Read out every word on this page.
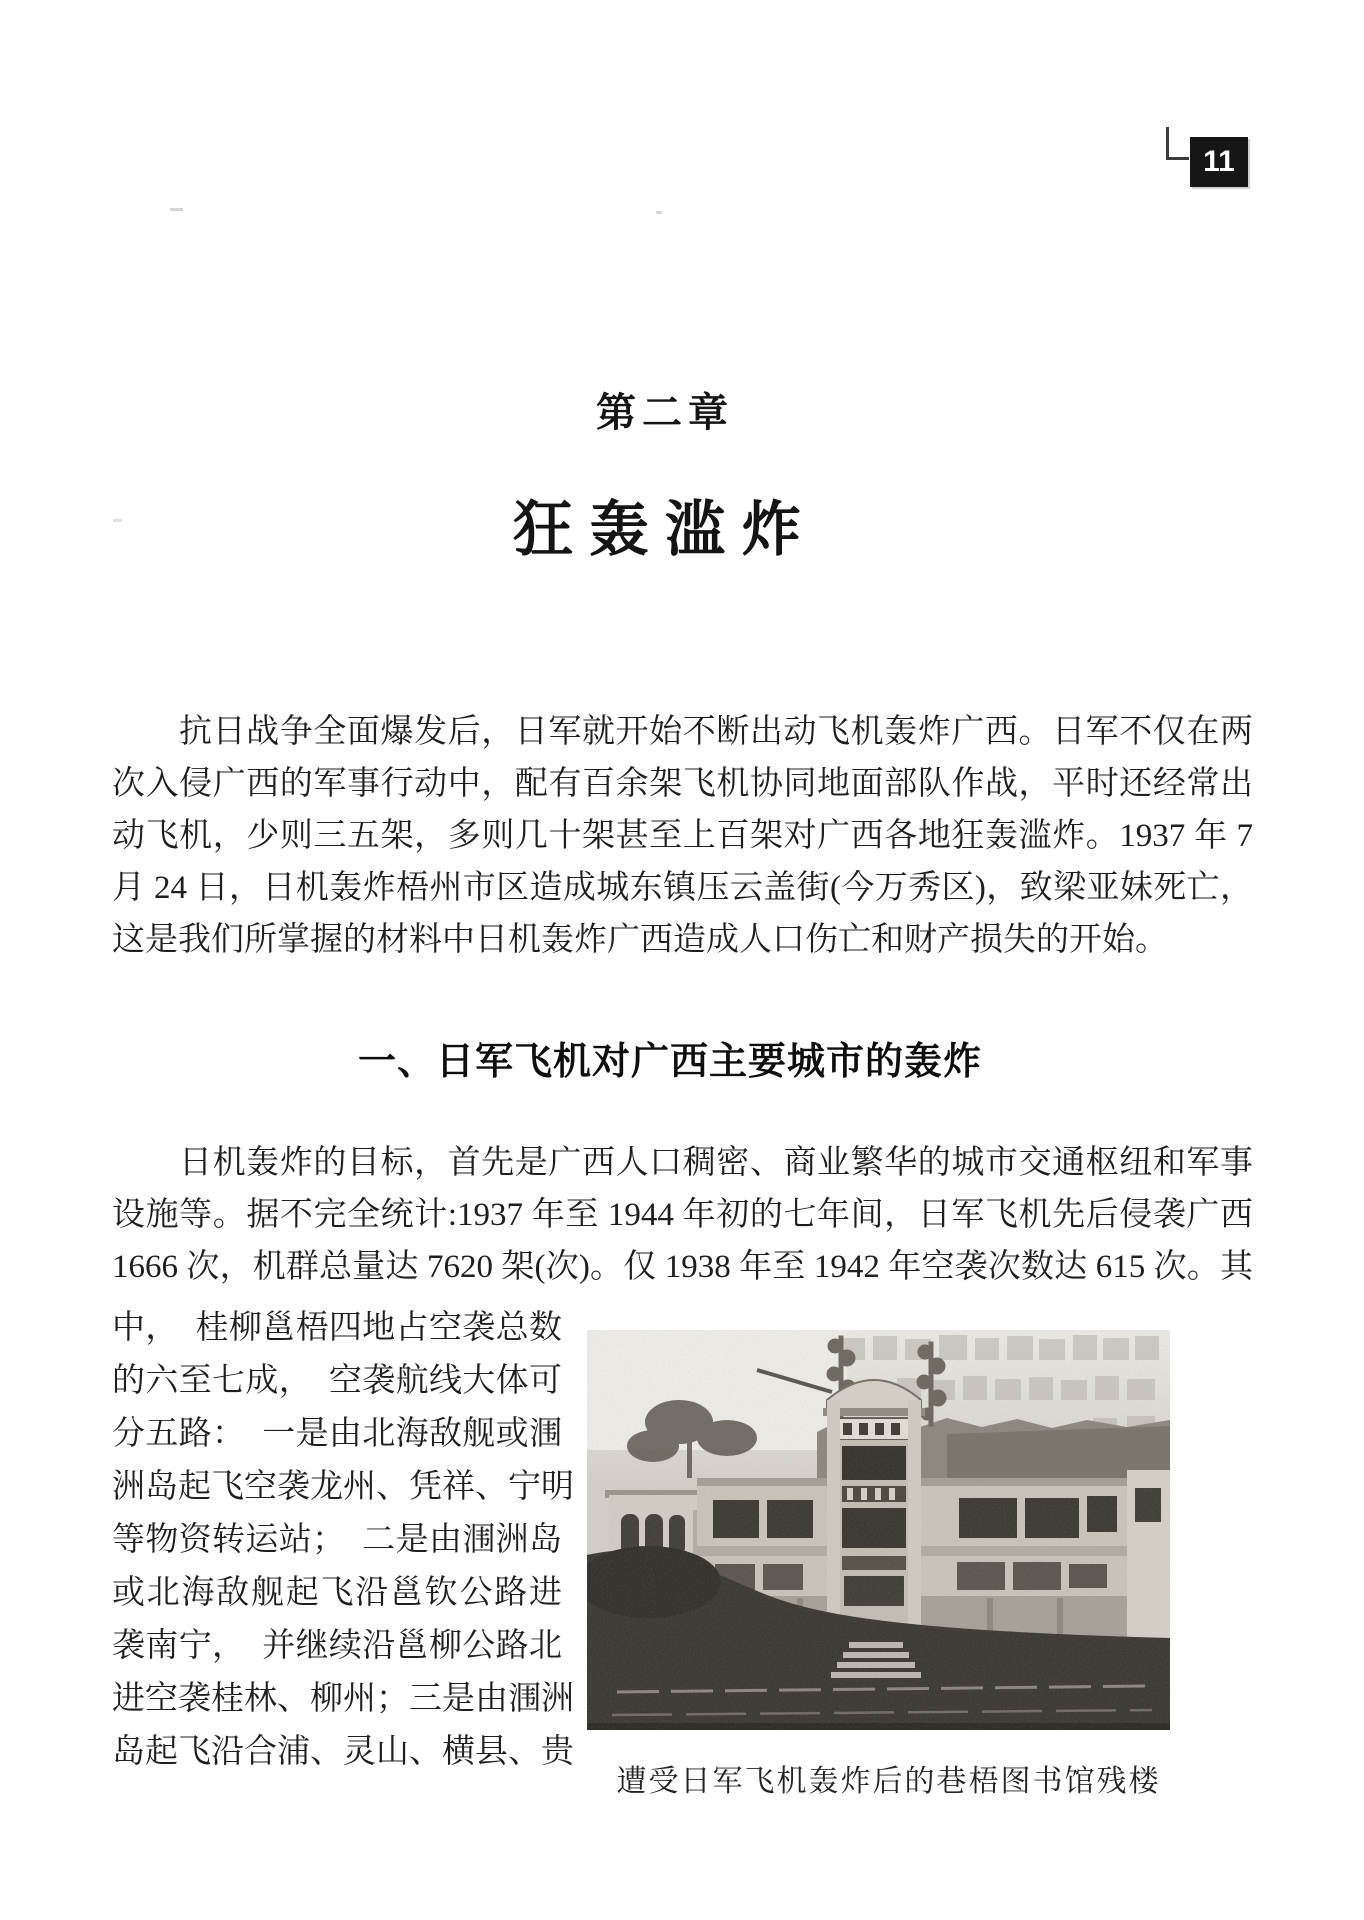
11
第二章
狂轰滥炸
抗日战争全面爆发后，日军就开始不断出动飞机轰炸广西。日军不仅在两
次入侵广西的军事行动中，配有百余架飞机协同地面部队作战，平时还经常出
动飞机，少则三五架，多则几十架甚至上百架对广西各地狂轰滥炸。1937 年 7
月 24 日，日机轰炸梧州市区造成城东镇压云盖街(今万秀区)，致梁亚妹死亡，
这是我们所掌握的材料中日机轰炸广西造成人口伤亡和财产损失的开始。
一、日军飞机对广西主要城市的轰炸
日机轰炸的目标，首先是广西人口稠密、商业繁华的城市交通枢纽和军事
设施等。据不完全统计:1937 年至 1944 年初的七年间，日军飞机先后侵袭广西
1666 次，机群总量达 7620 架(次)。仅 1938 年至 1942 年空袭次数达 615 次。其
中，　桂柳邕梧四地占空袭总数
的六至七成，　空袭航线大体可
分五路：　一是由北海敌舰或涠
洲岛起飞空袭龙州、凭祥、宁明
等物资转运站；　二是由涠洲岛
或北海敌舰起飞沿邕钦公路进
袭南宁，　并继续沿邕柳公路北
进空袭桂林、柳州；三是由涠洲
岛起飞沿合浦、灵山、横县、贵
遭受日军飞机轰炸后的巷梧图书馆残楼
